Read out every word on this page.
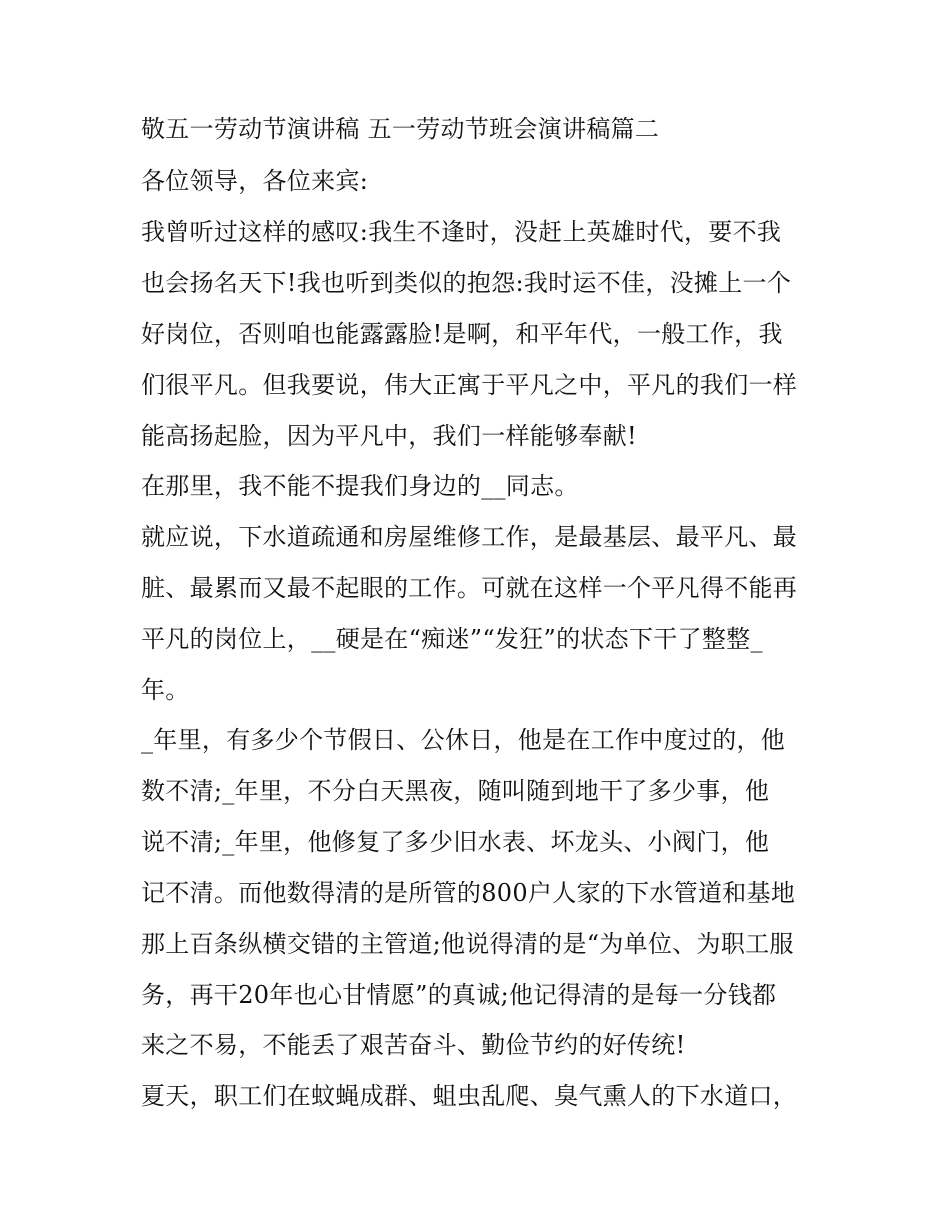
敬五一劳动节演讲稿 五一劳动节班会演讲稿篇二
各位领导，各位来宾:
我曾听过这样的感叹:我生不逢时，没赶上英雄时代，要不我
也会扬名天下!我也听到类似的抱怨:我时运不佳，没摊上一个
好岗位，否则咱也能露露脸!是啊，和平年代，一般工作，我
们很平凡。但我要说，伟大正寓于平凡之中，平凡的我们一样
能高扬起脸，因为平凡中，我们一样能够奉献!
在那里，我不能不提我们身边的__同志。
就应说，下水道疏通和房屋维修工作，是最基层、最平凡、最
脏、最累而又最不起眼的工作。可就在这样一个平凡得不能再
平凡的岗位上，__硬是在“痴迷”“发狂”的状态下干了整整_
年。
_年里，有多少个节假日、公休日，他是在工作中度过的，他
数不清;_年里，不分白天黑夜，随叫随到地干了多少事，他
说不清;_年里，他修复了多少旧水表、坏龙头、小阀门，他
记不清。而他数得清的是所管的800户人家的下水管道和基地
那上百条纵横交错的主管道;他说得清的是“为单位、为职工服
务，再干20年也心甘情愿”的真诚;他记得清的是每一分钱都
来之不易，不能丢了艰苦奋斗、勤俭节约的好传统!
夏天，职工们在蚊蝇成群、蛆虫乱爬、臭气熏人的下水道口，
